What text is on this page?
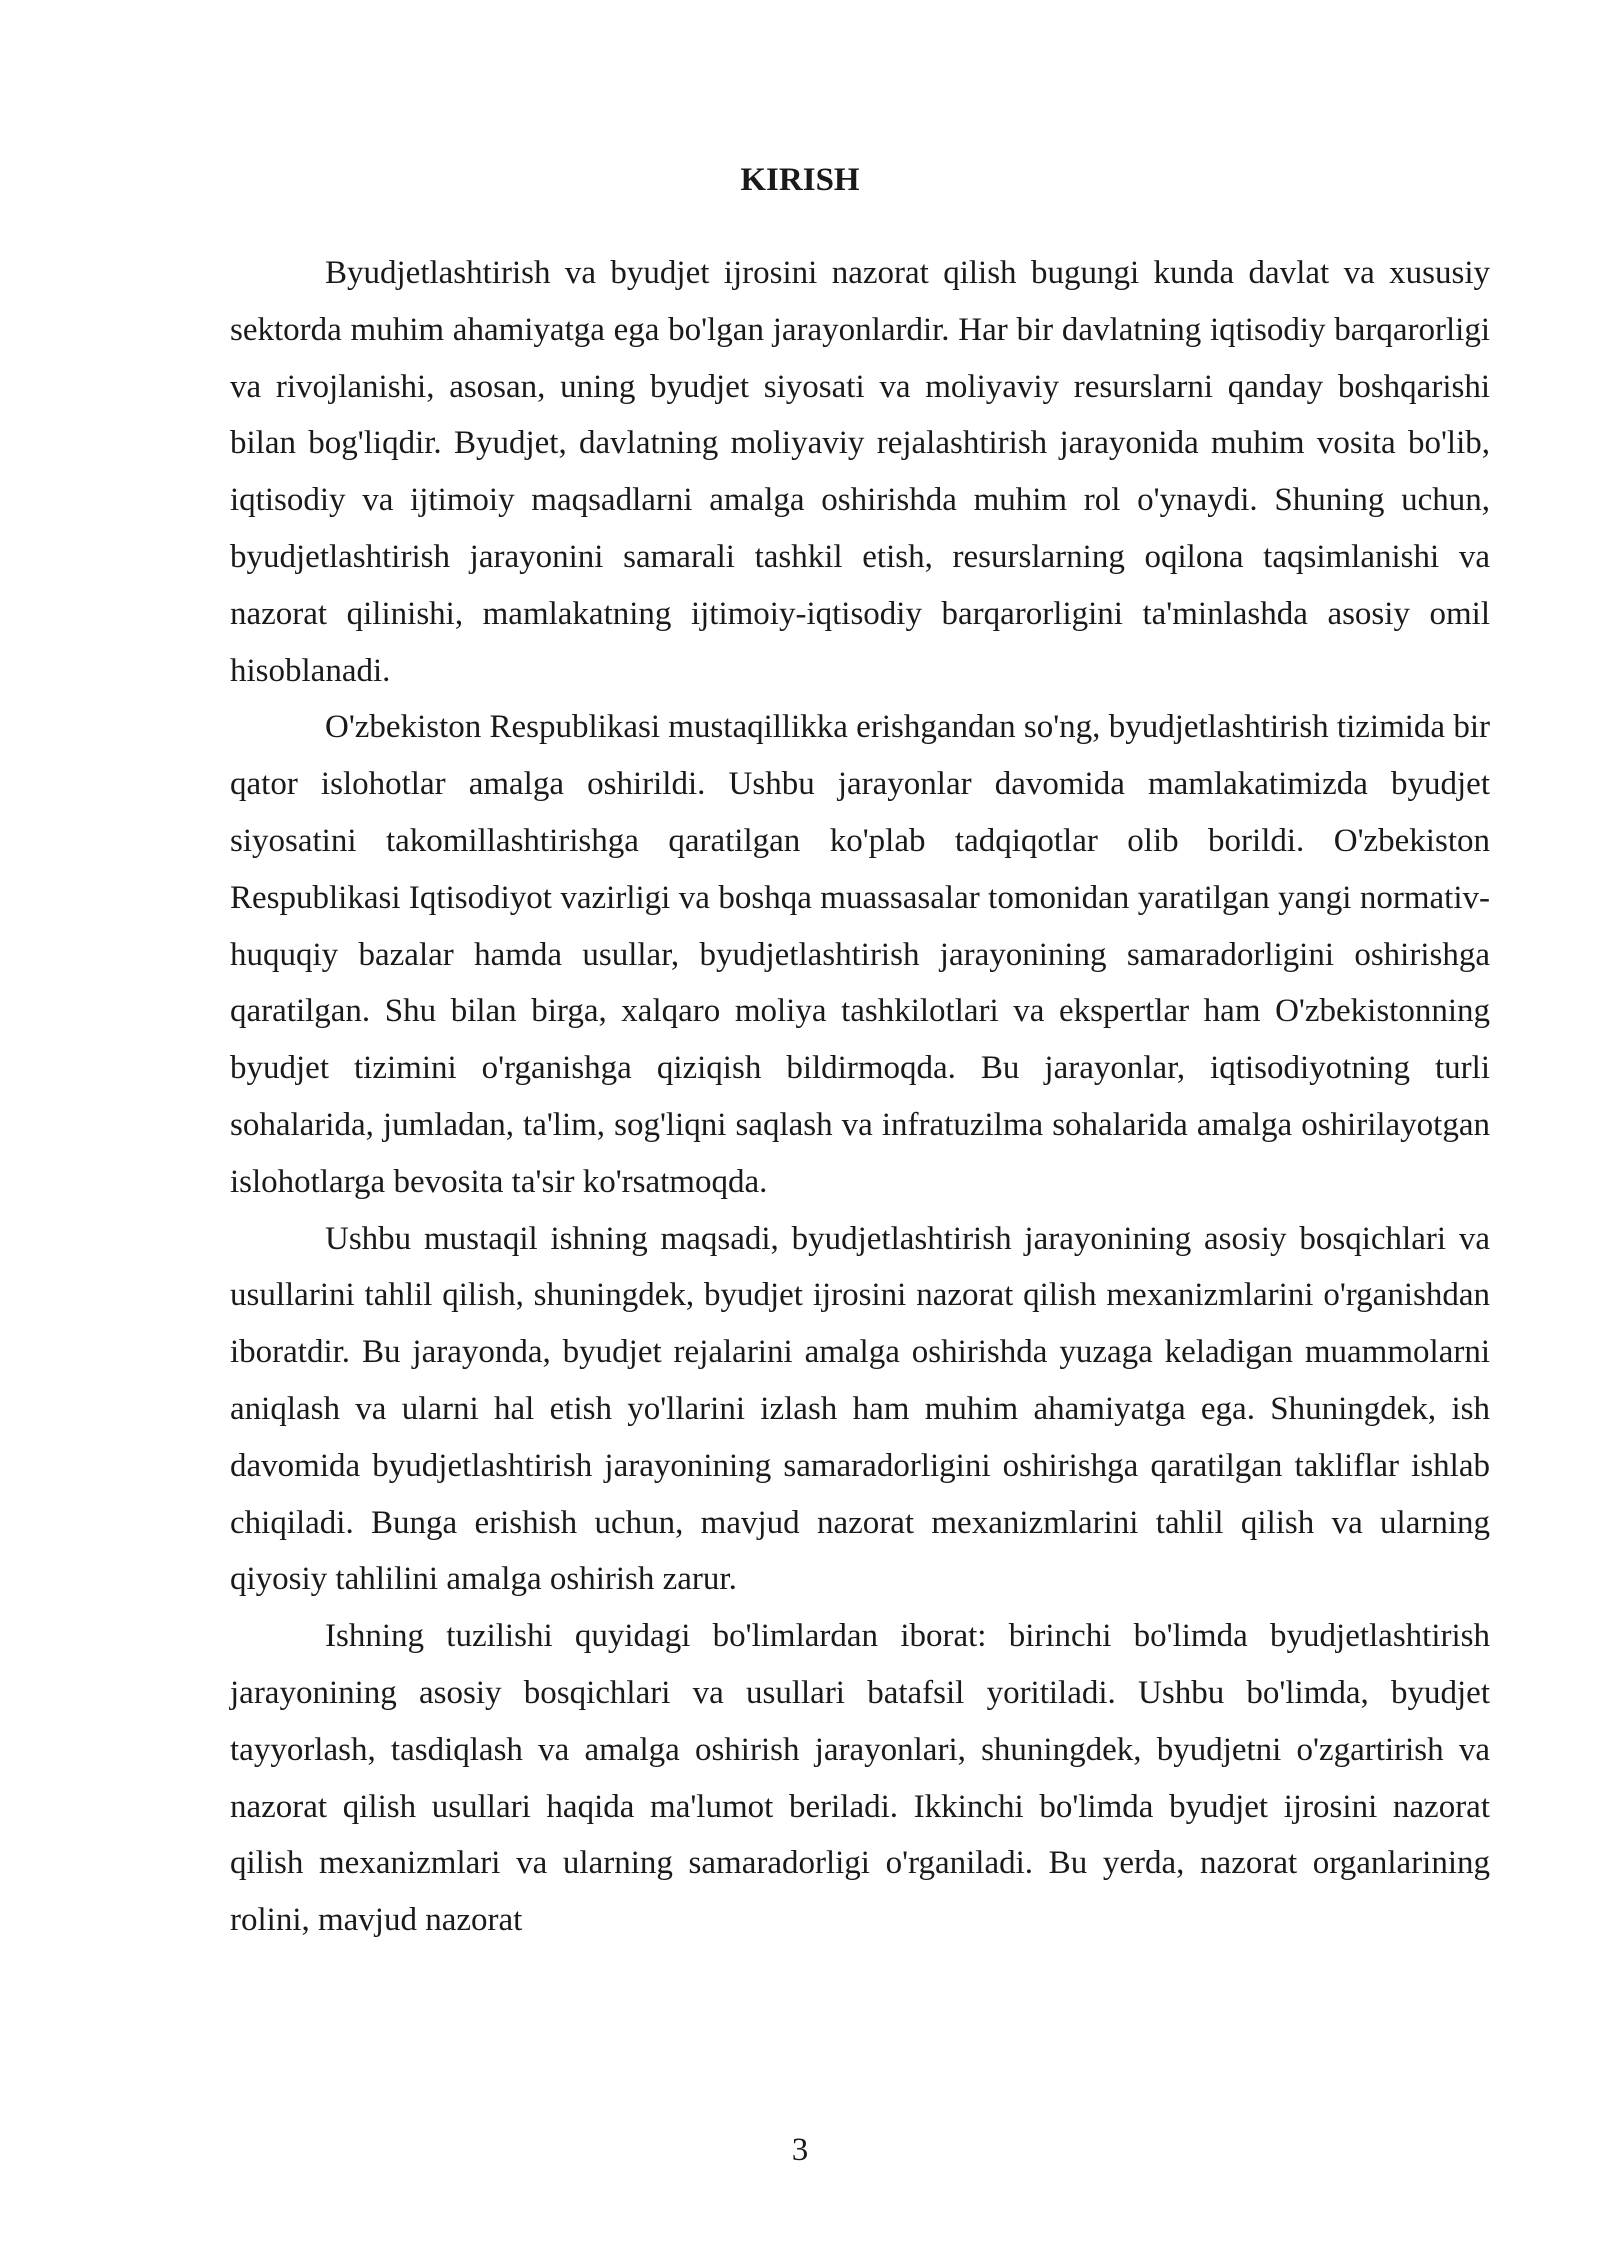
KIRISH

Byudjetlashtirish va byudjet ijrosini nazorat qilish bugungi kunda davlat va xususiy sektorda muhim ahamiyatga ega bo'lgan jarayonlardir. Har bir davlatning iqtisodiy barqarorligi va rivojlanishi, asosan, uning byudjet siyosati va moliyaviy resurslarni qanday boshqarishi bilan bog'liqdir. Byudjet, davlatning moliyaviy rejalashtirish jarayonida muhim vosita bo'lib, iqtisodiy va ijtimoiy maqsadlarni amalga oshirishda muhim rol o'ynaydi. Shuning uchun, byudjetlashtirish jarayonini samarali tashkil etish, resurslarning oqilona taqsimlanishi va nazorat qilinishi, mamlakatning ijtimoiy-iqtisodiy barqarorligini ta'minlashda asosiy omil hisoblanadi.

O'zbekiston Respublikasi mustaqillikka erishgandan so'ng, byudjetlashtirish tizimida bir qator islohotlar amalga oshirildi. Ushbu jarayonlar davomida mamlakatimizda byudjet siyosatini takomillashtirishga qaratilgan ko'plab tadqiqotlar olib borildi. O'zbekiston Respublikasi Iqtisodiyot vazirligi va boshqa muassasalar tomonidan yaratilgan yangi normativ-huquqiy bazalar hamda usullar, byudjetlashtirish jarayonining samaradorligini oshirishga qaratilgan. Shu bilan birga, xalqaro moliya tashkilotlari va ekspertlar ham O'zbekistonning byudjet tizimini o'rganishga qiziqish bildirmoqda. Bu jarayonlar, iqtisodiyotning turli sohalarida, jumladan, ta'lim, sog'liqni saqlash va infratuzilma sohalarida amalga oshirilayotgan islohotlarga bevosita ta'sir ko'rsatmoqda.

Ushbu mustaqil ishning maqsadi, byudjetlashtirish jarayonining asosiy bosqichlari va usullarini tahlil qilish, shuningdek, byudjet ijrosini nazorat qilish mexanizmlarini o'rganishdan iboratdir. Bu jarayonda, byudjet rejalarini amalga oshirishda yuzaga keladigan muammolarni aniqlash va ularni hal etish yo'llarini izlash ham muhim ahamiyatga ega. Shuningdek, ish davomida byudjetlashtirish jarayonining samaradorligini oshirishga qaratilgan takliflar ishlab chiqiladi. Bunga erishish uchun, mavjud nazorat mexanizmlarini tahlil qilish va ularning qiyosiy tahlilini amalga oshirish zarur.

Ishning tuzilishi quyidagi bo'limlardan iborat: birinchi bo'limda byudjetlashtirish jarayonining asosiy bosqichlari va usullari batafsil yoritiladi. Ushbu bo'limda, byudjet tayyorlash, tasdiqlash va amalga oshirish jarayonlari, shuningdek, byudjetni o'zgartirish va nazorat qilish usullari haqida ma'lumot beriladi. Ikkinchi bo'limda byudjet ijrosini nazorat qilish mexanizmlari va ularning samaradorligi o'rganiladi. Bu yerda, nazorat organlarining rolini, mavjud nazorat

3
